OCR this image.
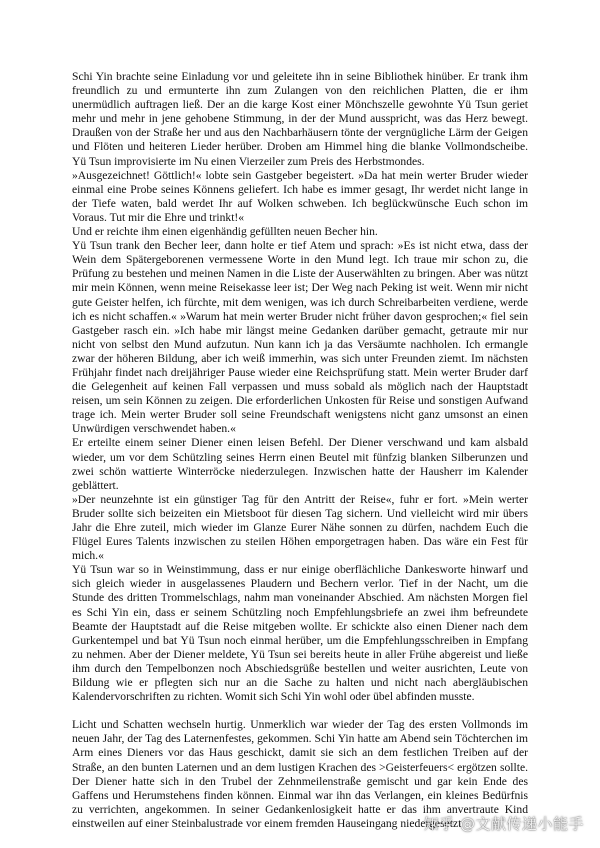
Schi Yin brachte seine Einladung vor und geleitete ihn in seine Bibliothek hinüber. Er trank ihm freundlich zu und ermunterte ihn zum Zulangen von den reichlichen Platten, die er ihm unermüdlich auftragen ließ. Der an die karge Kost einer Mönchszelle gewohnte Yü Tsun geriet mehr und mehr in jene gehobene Stimmung, in der der Mund ausspricht, was das Herz bewegt. Draußen von der Straße her und aus den Nachbarhäusern tönte der vergnügliche Lärm der Geigen und Flöten und heiteren Lieder herüber. Droben am Himmel hing die blanke Vollmondscheibe. Yü Tsun improvisierte im Nu einen Vierzeiler zum Preis des Herbstmondes.

»Ausgezeichnet! Göttlich!« lobte sein Gastgeber begeistert. »Da hat mein werter Bruder wieder einmal eine Probe seines Könnens geliefert. Ich habe es immer gesagt, Ihr werdet nicht lange in der Tiefe waten, bald werdet Ihr auf Wolken schweben. Ich beglückwünsche Euch schon im Voraus. Tut mir die Ehre und trinkt!«

Und er reichte ihm einen eigenhändig gefüllten neuen Becher hin.

Yü Tsun trank den Becher leer, dann holte er tief Atem und sprach: »Es ist nicht etwa, dass der Wein dem Spätergeborenen vermessene Worte in den Mund legt. Ich traue mir schon zu, die Prüfung zu bestehen und meinen Namen in die Liste der Auserwählten zu bringen. Aber was nützt mir mein Können, wenn meine Reisekasse leer ist; Der Weg nach Peking ist weit. Wenn mir nicht gute Geister helfen, ich fürchte, mit dem wenigen, was ich durch Schreibarbeiten verdiene, werde ich es nicht schaffen.« »Warum hat mein werter Bruder nicht früher davon gesprochen;« fiel sein Gastgeber rasch ein. »Ich habe mir längst meine Gedanken darüber gemacht, getraute mir nur nicht von selbst den Mund aufzutun. Nun kann ich ja das Versäumte nachholen. Ich ermangle zwar der höheren Bildung, aber ich weiß immerhin, was sich unter Freunden ziemt. Im nächsten Frühjahr findet nach dreijähriger Pause wieder eine Reichsprüfung statt. Mein werter Bruder darf die Gelegenheit auf keinen Fall verpassen und muss sobald als möglich nach der Hauptstadt reisen, um sein Können zu zeigen. Die erforderlichen Unkosten für Reise und sonstigen Aufwand trage ich. Mein werter Bruder soll seine Freundschaft wenigstens nicht ganz umsonst an einen Unwürdigen verschwendet haben.«

Er erteilte einem seiner Diener einen leisen Befehl. Der Diener verschwand und kam alsbald wieder, um vor dem Schützling seines Herrn einen Beutel mit fünfzig blanken Silberunzen und zwei schön wattierte Winterröcke niederzulegen. Inzwischen hatte der Hausherr im Kalender geblättert.

»Der neunzehnte ist ein günstiger Tag für den Antritt der Reise«, fuhr er fort. »Mein werter Bruder sollte sich beizeiten ein Mietsboot für diesen Tag sichern. Und vielleicht wird mir übers Jahr die Ehre zuteil, mich wieder im Glanze Eurer Nähe sonnen zu dürfen, nachdem Euch die Flügel Eures Talents inzwischen zu steilen Höhen emporgetragen haben. Das wäre ein Fest für mich.«

Yü Tsun war so in Weinstimmung, dass er nur einige oberflächliche Dankesworte hinwarf und sich gleich wieder in ausgelassenes Plaudern und Bechern verlor. Tief in der Nacht, um die Stunde des dritten Trommelschlags, nahm man voneinander Abschied. Am nächsten Morgen fiel es Schi Yin ein, dass er seinem Schützling noch Empfehlungsbriefe an zwei ihm befreundete Beamte der Hauptstadt auf die Reise mitgeben wollte. Er schickte also einen Diener nach dem Gurkentempel und bat Yü Tsun noch einmal herüber, um die Empfehlungsschreiben in Empfang zu nehmen. Aber der Diener meldete, Yü Tsun sei bereits heute in aller Frühe abgereist und ließe ihm durch den Tempelbonzen noch Abschiedsgrüße bestellen und weiter ausrichten, Leute von Bildung wie er pflegten sich nur an die Sache zu halten und nicht nach abergläubischen Kalendervorschriften zu richten. Womit sich Schi Yin wohl oder übel abfinden musste.

Licht und Schatten wechseln hurtig. Unmerklich war wieder der Tag des ersten Vollmonds im neuen Jahr, der Tag des Laternenfestes, gekommen. Schi Yin hatte am Abend sein Töchterchen im Arm eines Dieners vor das Haus geschickt, damit sie sich an dem festlichen Treiben auf der Straße, an den bunten Laternen und an dem lustigen Krachen des >Geisterfeuers< ergötzen sollte. Der Diener hatte sich in den Trubel der Zehnmeilenstraße gemischt und gar kein Ende des Gaffens und Herumstehens finden können. Einmal war ihn das Verlangen, ein kleines Bedürfnis zu verrichten, angekommen. In seiner Gedankenlosigkeit hatte er das ihm anvertraute Kind einstweilen auf einer Steinbalustrade vor einem fremden Hauseingang niedergesetzt

知乎 @文献传递小能手
